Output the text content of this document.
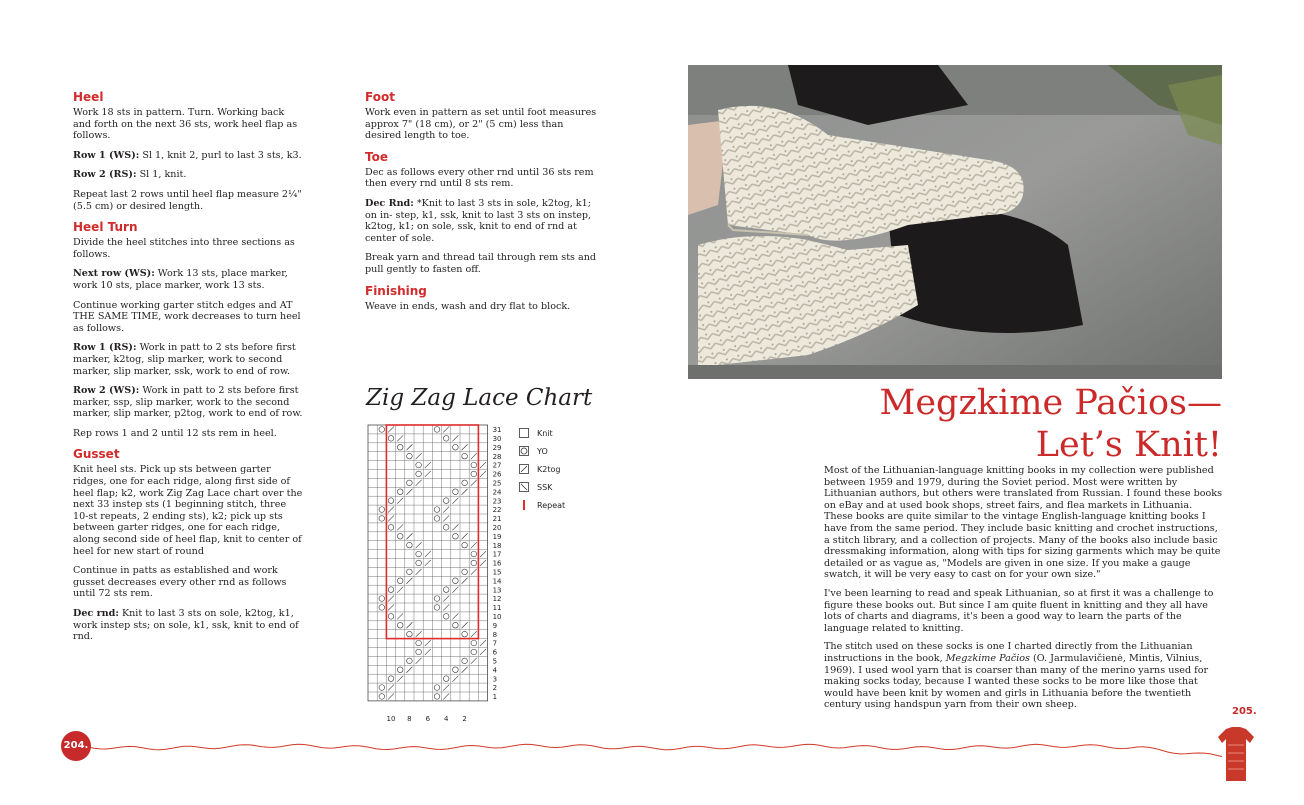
Heel

Work 18 sts in pattern. Turn. Working back and forth on the next 36 sts, work heel flap as follows.

Row 1 (WS): Sl 1, knit 2, purl to last 3 sts, k3.

Row 2 (RS): Sl 1, knit.

Repeat last 2 rows until heel flap measure 2¼" (5.5 cm) or desired length.

Heel Turn

Divide the heel stitches into three sections as follows.

Next row (WS): Work 13 sts, place marker, work 10 sts, place marker, work 13 sts.

Continue working garter stitch edges and AT THE SAME TIME, work decreases to turn heel as follows.

Row 1 (RS): Work in patt to 2 sts before first marker, k2tog, slip marker, work to second marker, slip marker, ssk, work to end of row.

Row 2 (WS): Work in patt to 2 sts before first marker, ssp, slip marker, work to the second marker, slip marker, p2tog, work to end of row.

Rep rows 1 and 2 until 12 sts rem in heel.

Gusset

Knit heel sts. Pick up sts between garter ridges, one for each ridge, along first side of heel flap; k2, work Zig Zag Lace chart over the next 33 instep sts (1 beginning stitch, three 10-st repeats, 2 ending sts), k2; pick up sts between garter ridges, one for each ridge, along second side of heel flap, knit to center of heel for new start of round

Continue in patts as established and work gusset decreases every other rnd as follows until 72 sts rem.

Dec rnd: Knit to last 3 sts on sole, k2tog, k1, work instep sts; on sole, k1, ssk, knit to end of rnd.

Foot

Work even in pattern as set until foot measures approx 7" (18 cm), or 2" (5 cm) less than desired length to toe.

Toe

Dec as follows every other rnd until 36 sts rem then every rnd until 8 sts rem.

Dec Rnd: *Knit to last 3 sts in sole, k2tog, k1; on in- step, k1, ssk, knit to last 3 sts on instep, k2tog, k1; on sole, ssk, knit to end of rnd at center of sole.

Break yarn and thread tail through rem sts and pull gently to fasten off.

Finishing

Weave in ends, wash and dry flat to block.

Zig Zag Lace Chart
31
30
29
28
27
26
25
24
23
22
21
20
19
18
17
16
15
14
13
12
11
10
9
8
7
6
5
4
3
2
1
10 8 6 4 2
Knit
YO
K2tog
SSK
Repeat
Megzkime Pačios—
Let’s Knit!

Most of the Lithuanian-language knitting books in my collection were published between 1959 and 1979, during the Soviet period. Most were written by Lithuanian authors, but others were translated from Russian. I found these books on eBay and at used book shops, street fairs, and flea markets in Lithuania. These books are quite similar to the vintage English-language knitting books I have from the same period. They include basic knitting and crochet instructions, a stitch library, and a collection of projects. Many of the books also include basic dressmaking information, along with tips for sizing garments which may be quite detailed or as vague as, "Models are given in one size. If you make a gauge swatch, it will be very easy to cast on for your own size."

I've been learning to read and speak Lithuanian, so at first it was a challenge to figure these books out. But since I am quite fluent in knitting and they all have lots of charts and diagrams, it's been a good way to learn the parts of the language related to knitting.

The stitch used on these socks is one I charted directly from the Lithuanian instructions in the book, Megzkime Pačios (O. Jarmulavičienė, Mintis, Vilnius, 1969). I used wool yarn that is coarser than many of the merino yarns used for making socks today, because I wanted these socks to be more like those that would have been knit by women and girls in Lithuania before the twentieth century using handspun yarn from their own sheep.

204.
205.
